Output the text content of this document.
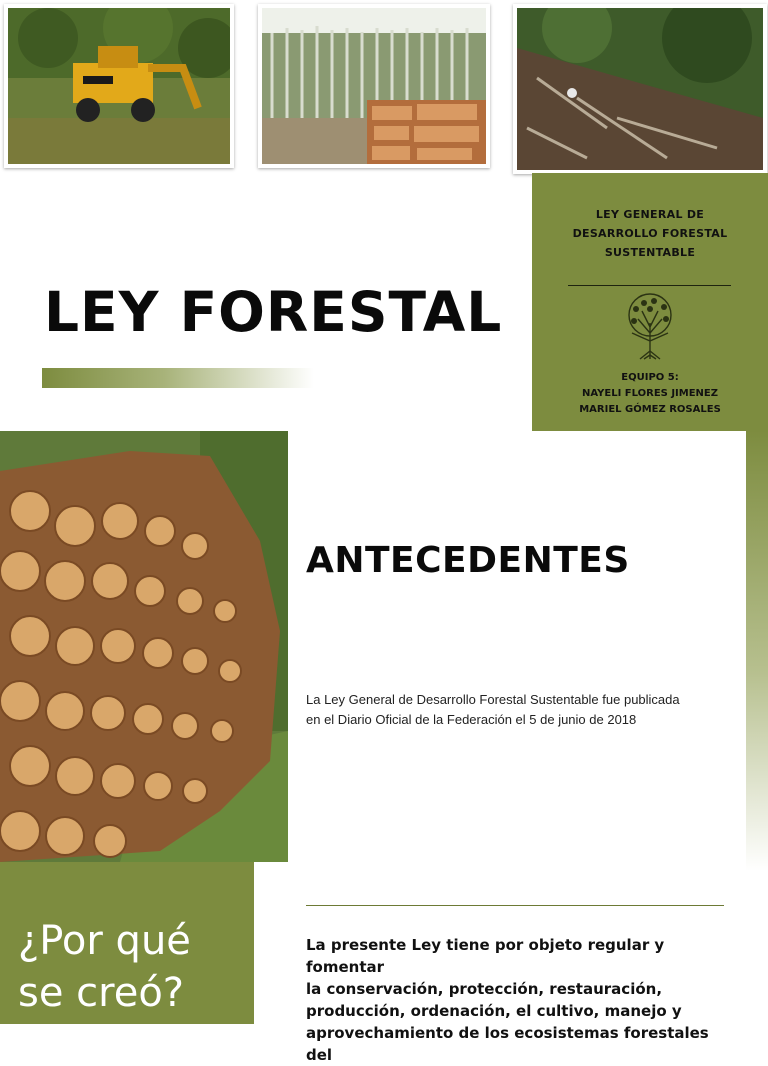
LEY GENERAL DE
DESARROLLO FORESTAL
SUSTENTABLE
EQUIPO 5:
NAYELI FLORES JIMENEZ
MARIEL GÓMEZ ROSALES
LEY FORESTAL
ANTECEDENTES
La Ley General de Desarrollo Forestal Sustentable fue publicada
en el Diario Oficial de la Federación el 5 de junio de 2018
¿Por qué
se creó?
La presente Ley tiene por objeto regular y fomentar
la conservación, protección, restauración,
producción, ordenación, el cultivo, manejo y
aprovechamiento de los ecosistemas forestales del
